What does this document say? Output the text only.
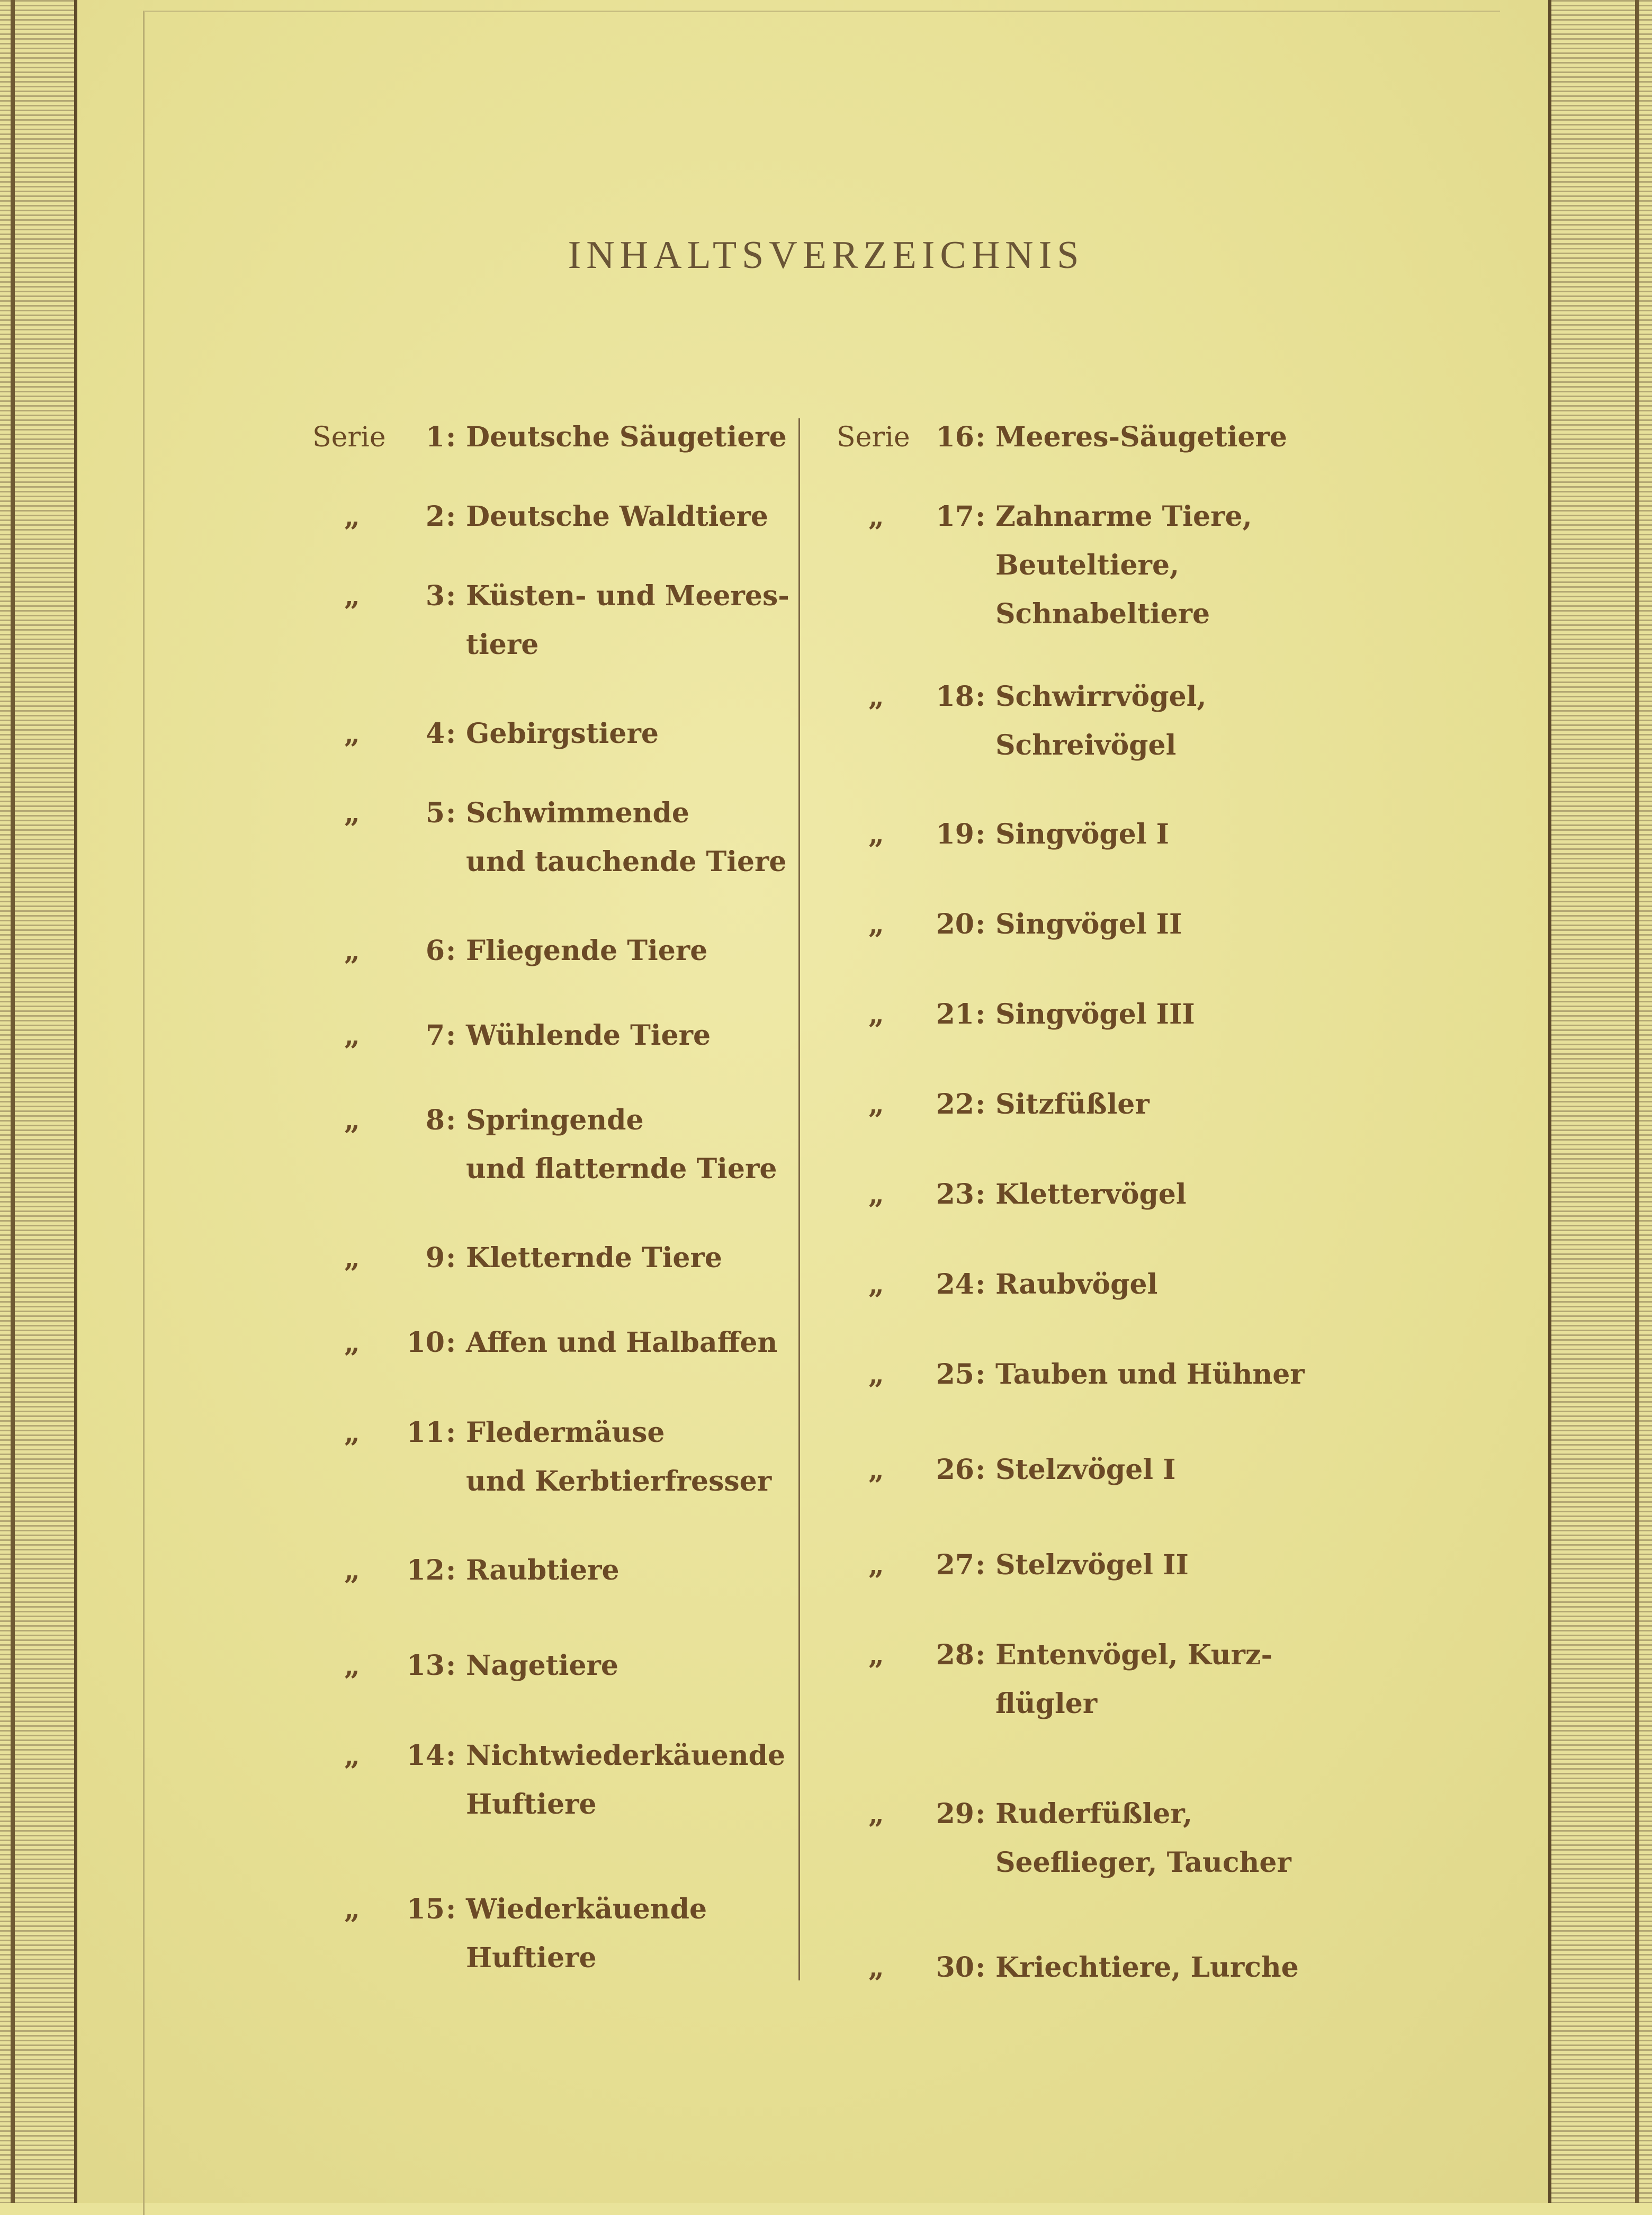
INHALTSVERZEICHNIS
Serie	1 : Deutsche Säugetiere
„	2 : Deutsche Waldtiere
„	3 : Küsten- und Meeres-
tiere
„	4 : Gebirgstiere
„	5 : Schwimmende
und tauchende Tiere
„	6 : Fliegende Tiere
„	7 : Wühlende Tiere
„	8 : Springende
und flatternde Tiere
„	9 : Kletternde Tiere
„	10 : Affen und Halbaffen
„	11 : Fledermäuse
und Kerbtierfresser
„	12 : Raubtiere
„	13 : Nagetiere
„	14 : Nichtwiederkäuende
Huftiere
„	15 : Wiederkäuende
Huftiere
Serie 16 : Meeres-Säugetiere
„	17 : Zahnarme Tiere,
Beuteltiere,
Schnabeltiere
„	18 : Schwirrvögel,
Schreivögel
„	19 : Singvögel I
„	20 : Singvögel II
„	21 : Singvögel III
„	22 : Sitzfüßler
„	23 : Klettervögel
„	24 : Raubvögel
„	25 : Tauben und Hühner
„	26 : Stelzvögel I
„	27 : Stelzvögel II
„	28 : Entenvögel, Kurz-
flügler
„	29 : Ruderfüßler,
Seeflieger, Taucher
„	30 : Kriechtiere, Lurche
